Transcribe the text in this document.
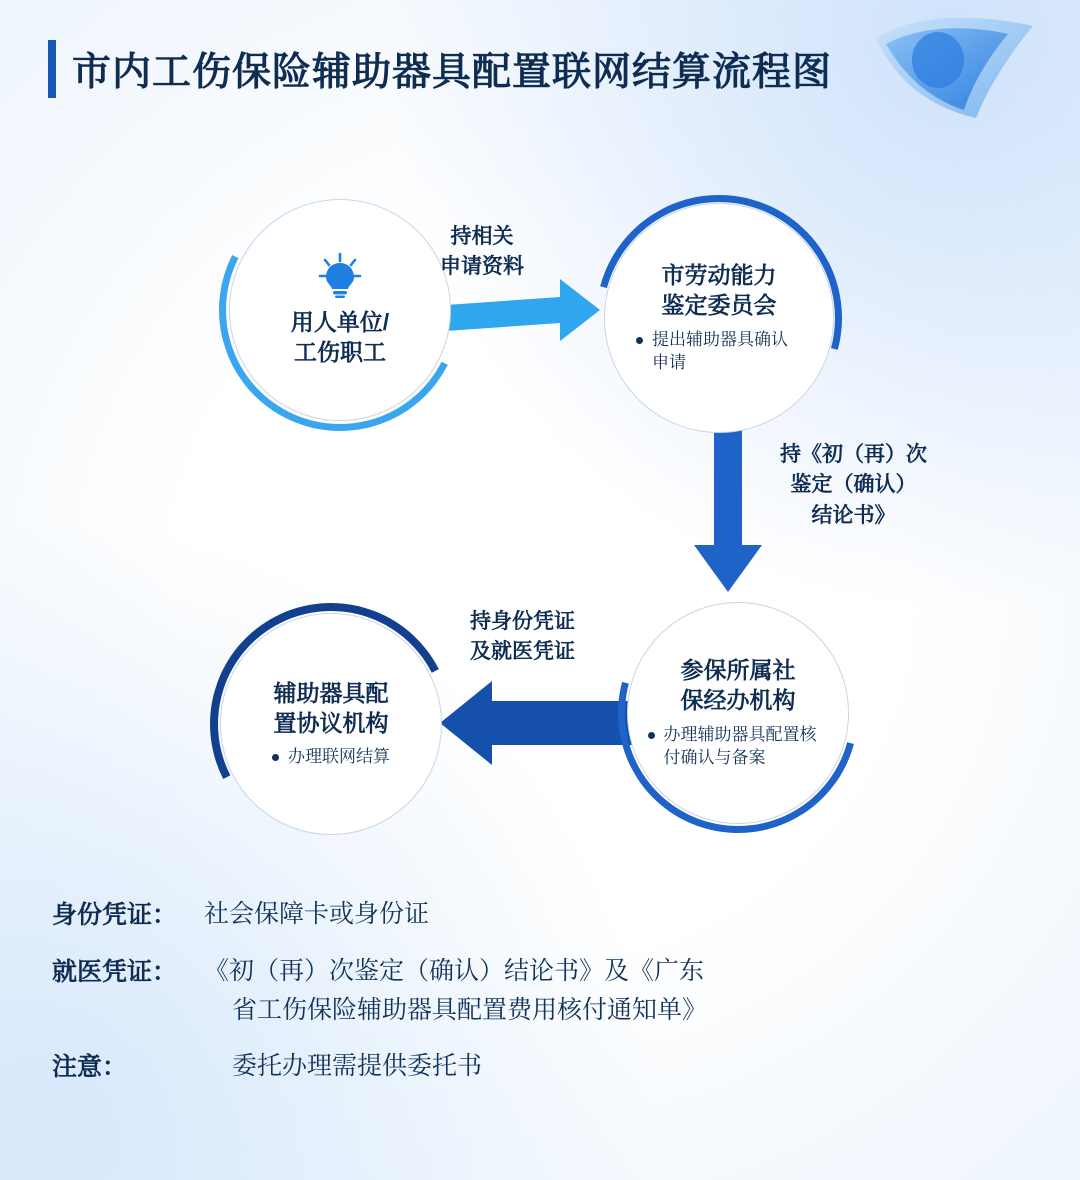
市内工伤保险辅助器具配置联网结算流程图
用人单位/
工伤职工
市劳动能力
鉴定委员会
提出辅助器具确认申请
参保所属社
保经办机构
办理辅助器具配置核付确认与备案
辅助器具配
置协议机构
办理联网结算
持相关
申请资料
持《初（再）次
鉴定（确认）
结论书》
持身份凭证
及就医凭证
身份凭证：	社会保障卡或身份证
就医凭证：	《初（再）次鉴定（确认）结论书》及《广东
省工伤保险辅助器具配置费用核付通知单》
注意：	委托办理需提供委托书
